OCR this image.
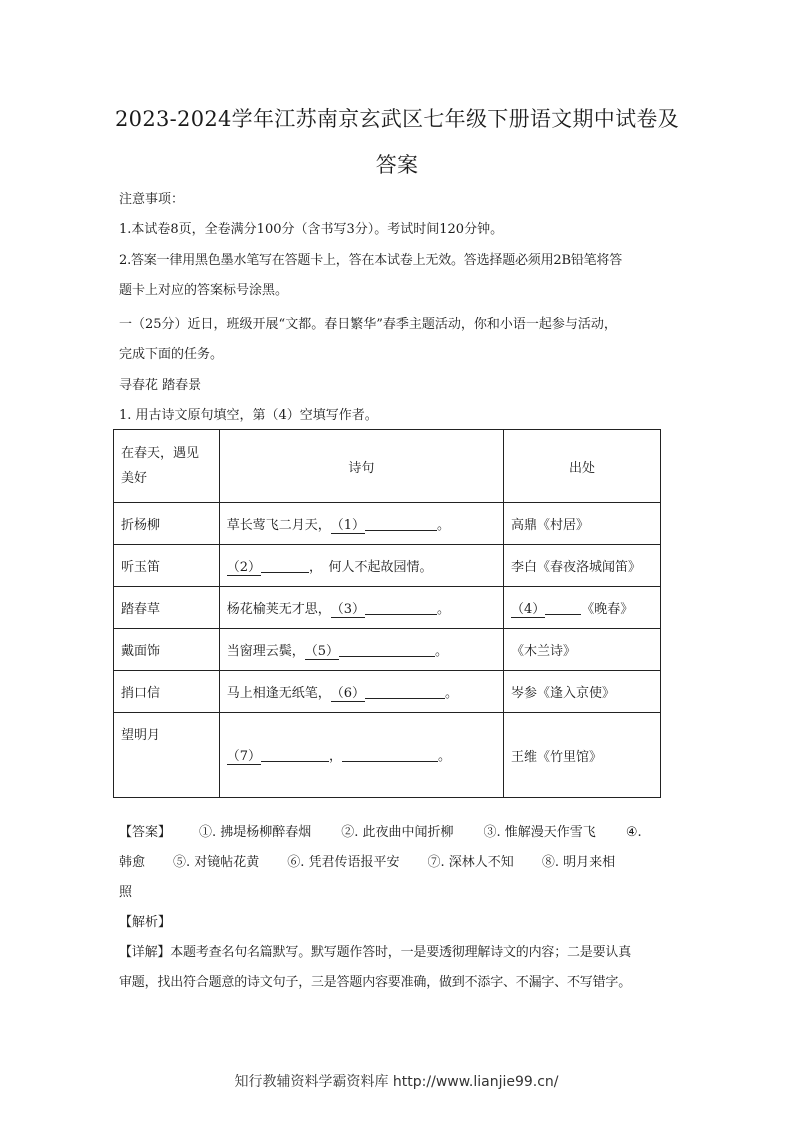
2023-2024学年江苏南京玄武区七年级下册语文期中试卷及
答案
注意事项：
1.本试卷8页，全卷满分100分（含书写3分）。考试时间120分钟。
2.答案一律用黑色墨水笔写在答题卡上，答在本试卷上无效。答选择题必须用2B铅笔将答
题卡上对应的答案标号涂黑。
一（25分）近日，班级开展“文都。春日繁华”春季主题活动，你和小语一起参与活动，
完成下面的任务。
寻春花 踏春景
1. 用古诗文原句填空，第（4）空填写作者。
在春天，遇见
美好	诗句	出处
折杨柳	草长莺飞二月天，（1） 。	高鼎《村居》
听玉笛	（2） ，　何人不起故园情。	李白《春夜洛城闻笛》
踏春草	杨花榆荚无才思，（3） 。	（4） 《晚春》
戴面饰	当窗理云鬓，（5） 。	《木兰诗》
捎口信	马上相逢无纸笔，（6） 。	岑参《逢入京使》
望明月	（7） ， 。	王维《竹里馆》
【答案】 ①. 拂堤杨柳醉春烟 ②. 此夜曲中闻折柳 ③. 惟解漫天作雪飞 ④.
韩愈 ⑤. 对镜帖花黄 ⑥. 凭君传语报平安 ⑦. 深林人不知 ⑧. 明月来相
照
【解析】
【详解】本题考查名句名篇默写。默写题作答时，一是要透彻理解诗文的内容；二是要认真
审题，找出符合题意的诗文句子，三是答题内容要准确，做到不添字、不漏字、不写错字。
知行教辅资料学霸资料库 http://www.lianjie99.cn/
